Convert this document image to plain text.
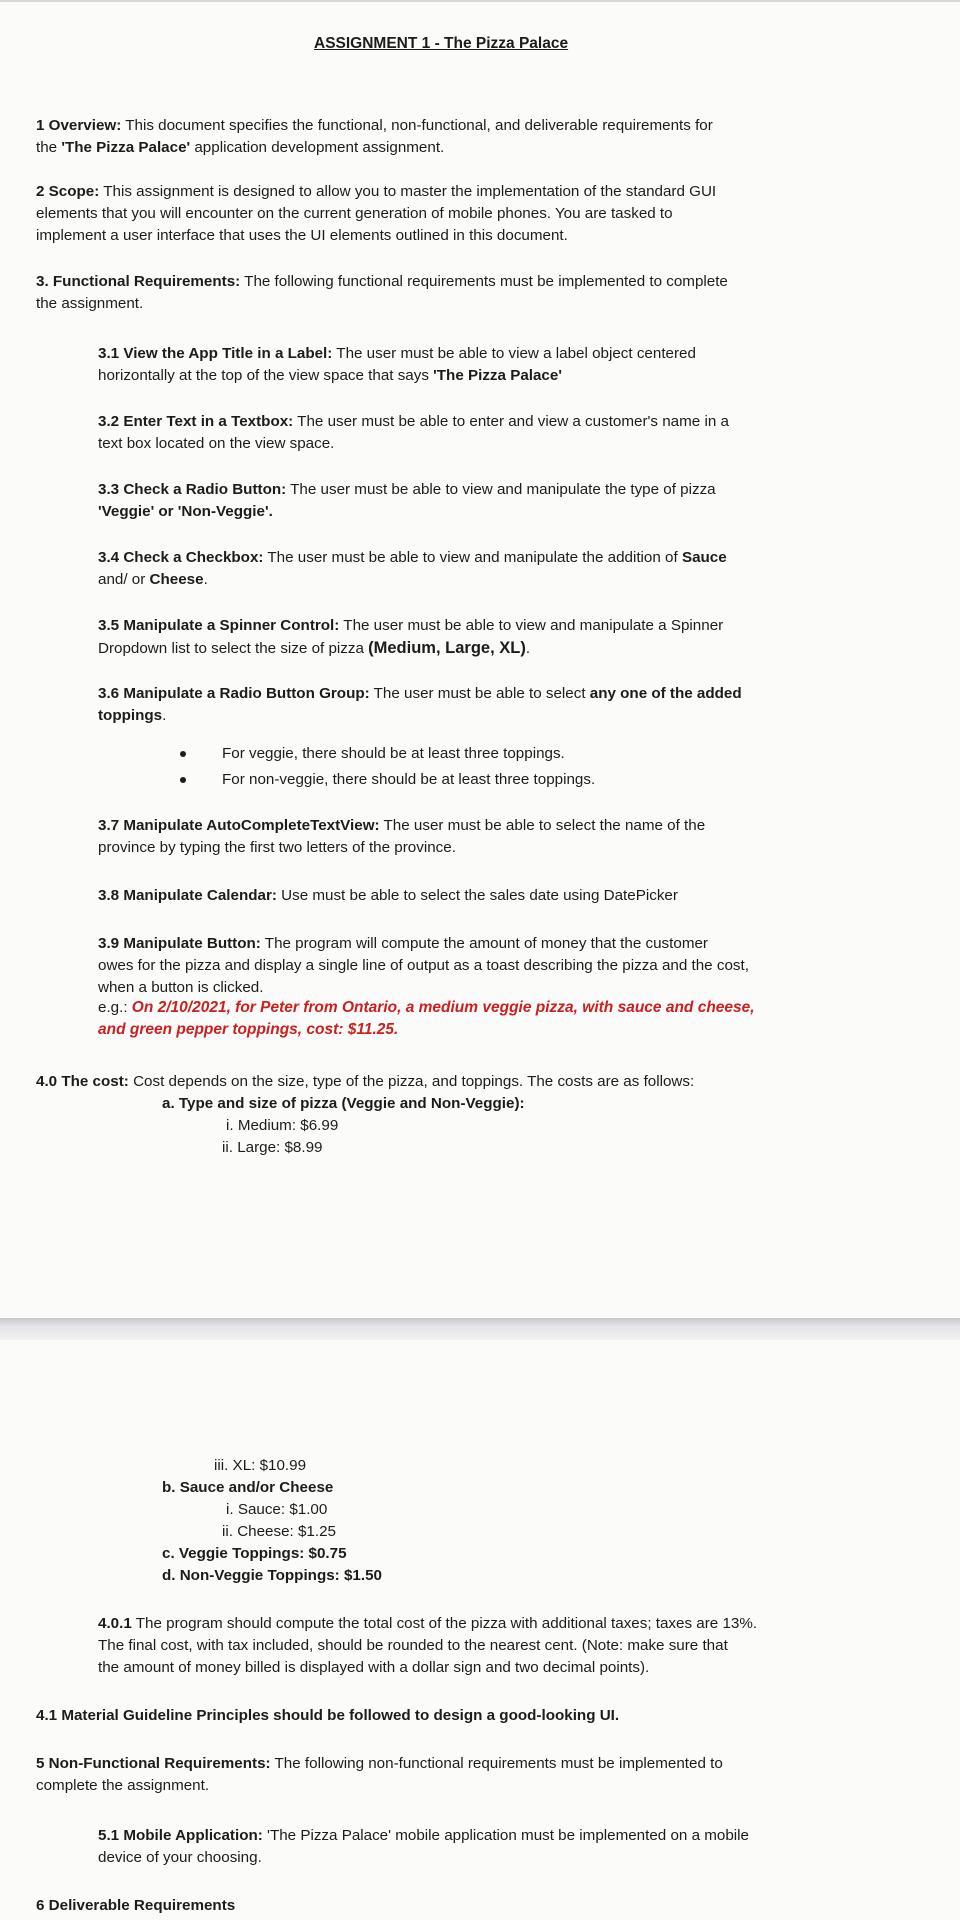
ASSIGNMENT 1 - The Pizza Palace
1 Overview: This document specifies the functional, non-functional, and deliverable requirements for
the 'The Pizza Palace' application development assignment.
2 Scope: This assignment is designed to allow you to master the implementation of the standard GUI
elements that you will encounter on the current generation of mobile phones. You are tasked to
implement a user interface that uses the UI elements outlined in this document.
3. Functional Requirements: The following functional requirements must be implemented to complete
the assignment.
3.1 View the App Title in a Label: The user must be able to view a label object centered
horizontally at the top of the view space that says 'The Pizza Palace'
3.2 Enter Text in a Textbox: The user must be able to enter and view a customer's name in a
text box located on the view space.
3.3 Check a Radio Button: The user must be able to view and manipulate the type of pizza
'Veggie' or 'Non-Veggie'.
3.4 Check a Checkbox: The user must be able to view and manipulate the addition of Sauce
and/ or Cheese.
3.5 Manipulate a Spinner Control: The user must be able to view and manipulate a Spinner
Dropdown list to select the size of pizza (Medium, Large, XL).
3.6 Manipulate a Radio Button Group: The user must be able to select any one of the added
toppings.
For veggie, there should be at least three toppings.
For non-veggie, there should be at least three toppings.
3.7 Manipulate AutoCompleteTextView: The user must be able to select the name of the
province by typing the first two letters of the province.
3.8 Manipulate Calendar: Use must be able to select the sales date using DatePicker
3.9 Manipulate Button: The program will compute the amount of money that the customer
owes for the pizza and display a single line of output as a toast describing the pizza and the cost,
when a button is clicked.
e.g.: On 2/10/2021, for Peter from Ontario, a medium veggie pizza, with sauce and cheese,
and green pepper toppings, cost: $11.25.
4.0 The cost: Cost depends on the size, type of the pizza, and toppings. The costs are as follows:
a. Type and size of pizza (Veggie and Non-Veggie):
i. Medium: $6.99
ii. Large: $8.99
iii. XL: $10.99
b. Sauce and/or Cheese
i. Sauce: $1.00
ii. Cheese: $1.25
c. Veggie Toppings: $0.75
d. Non-Veggie Toppings: $1.50
4.0.1 The program should compute the total cost of the pizza with additional taxes; taxes are 13%.
The final cost, with tax included, should be rounded to the nearest cent. (Note: make sure that
the amount of money billed is displayed with a dollar sign and two decimal points).
4.1 Material Guideline Principles should be followed to design a good-looking UI.
5 Non-Functional Requirements: The following non-functional requirements must be implemented to
complete the assignment.
5.1 Mobile Application: 'The Pizza Palace' mobile application must be implemented on a mobile
device of your choosing.
6 Deliverable Requirements
